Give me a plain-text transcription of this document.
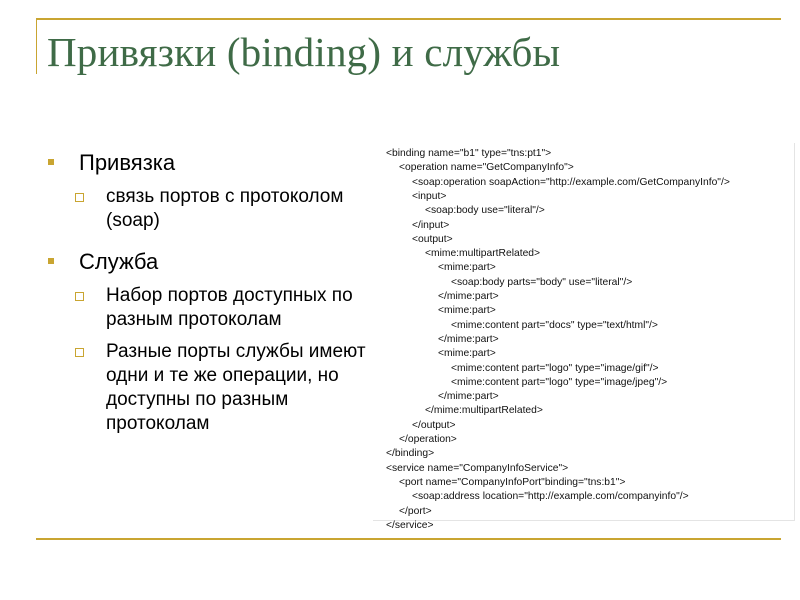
Привязки (binding) и службы
Привязка
связь портов с протоколом (soap)
Служба
Набор портов доступных по разным протоколам
Разные порты службы имеют одни и те же операции, но доступны по разным протоколам
<binding name="b1" type="tns:pt1">
<operation name="GetCompanyInfo">
<soap:operation soapAction="http://example.com/GetCompanyInfo"/>
<input>
<soap:body use="literal"/>
</input>
<output>
<mime:multipartRelated>
<mime:part>
<soap:body parts="body" use="literal"/>
</mime:part>
<mime:part>
<mime:content part="docs" type="text/html"/>
</mime:part>
<mime:part>
<mime:content part="logo" type="image/gif"/>
<mime:content part="logo" type="image/jpeg"/>
</mime:part>
</mime:multipartRelated>
</output>
</operation>
</binding>
<service name="CompanyInfoService">
<port name="CompanyInfoPort"binding="tns:b1">
<soap:address location="http://example.com/companyinfo"/>
</port>
</service>
